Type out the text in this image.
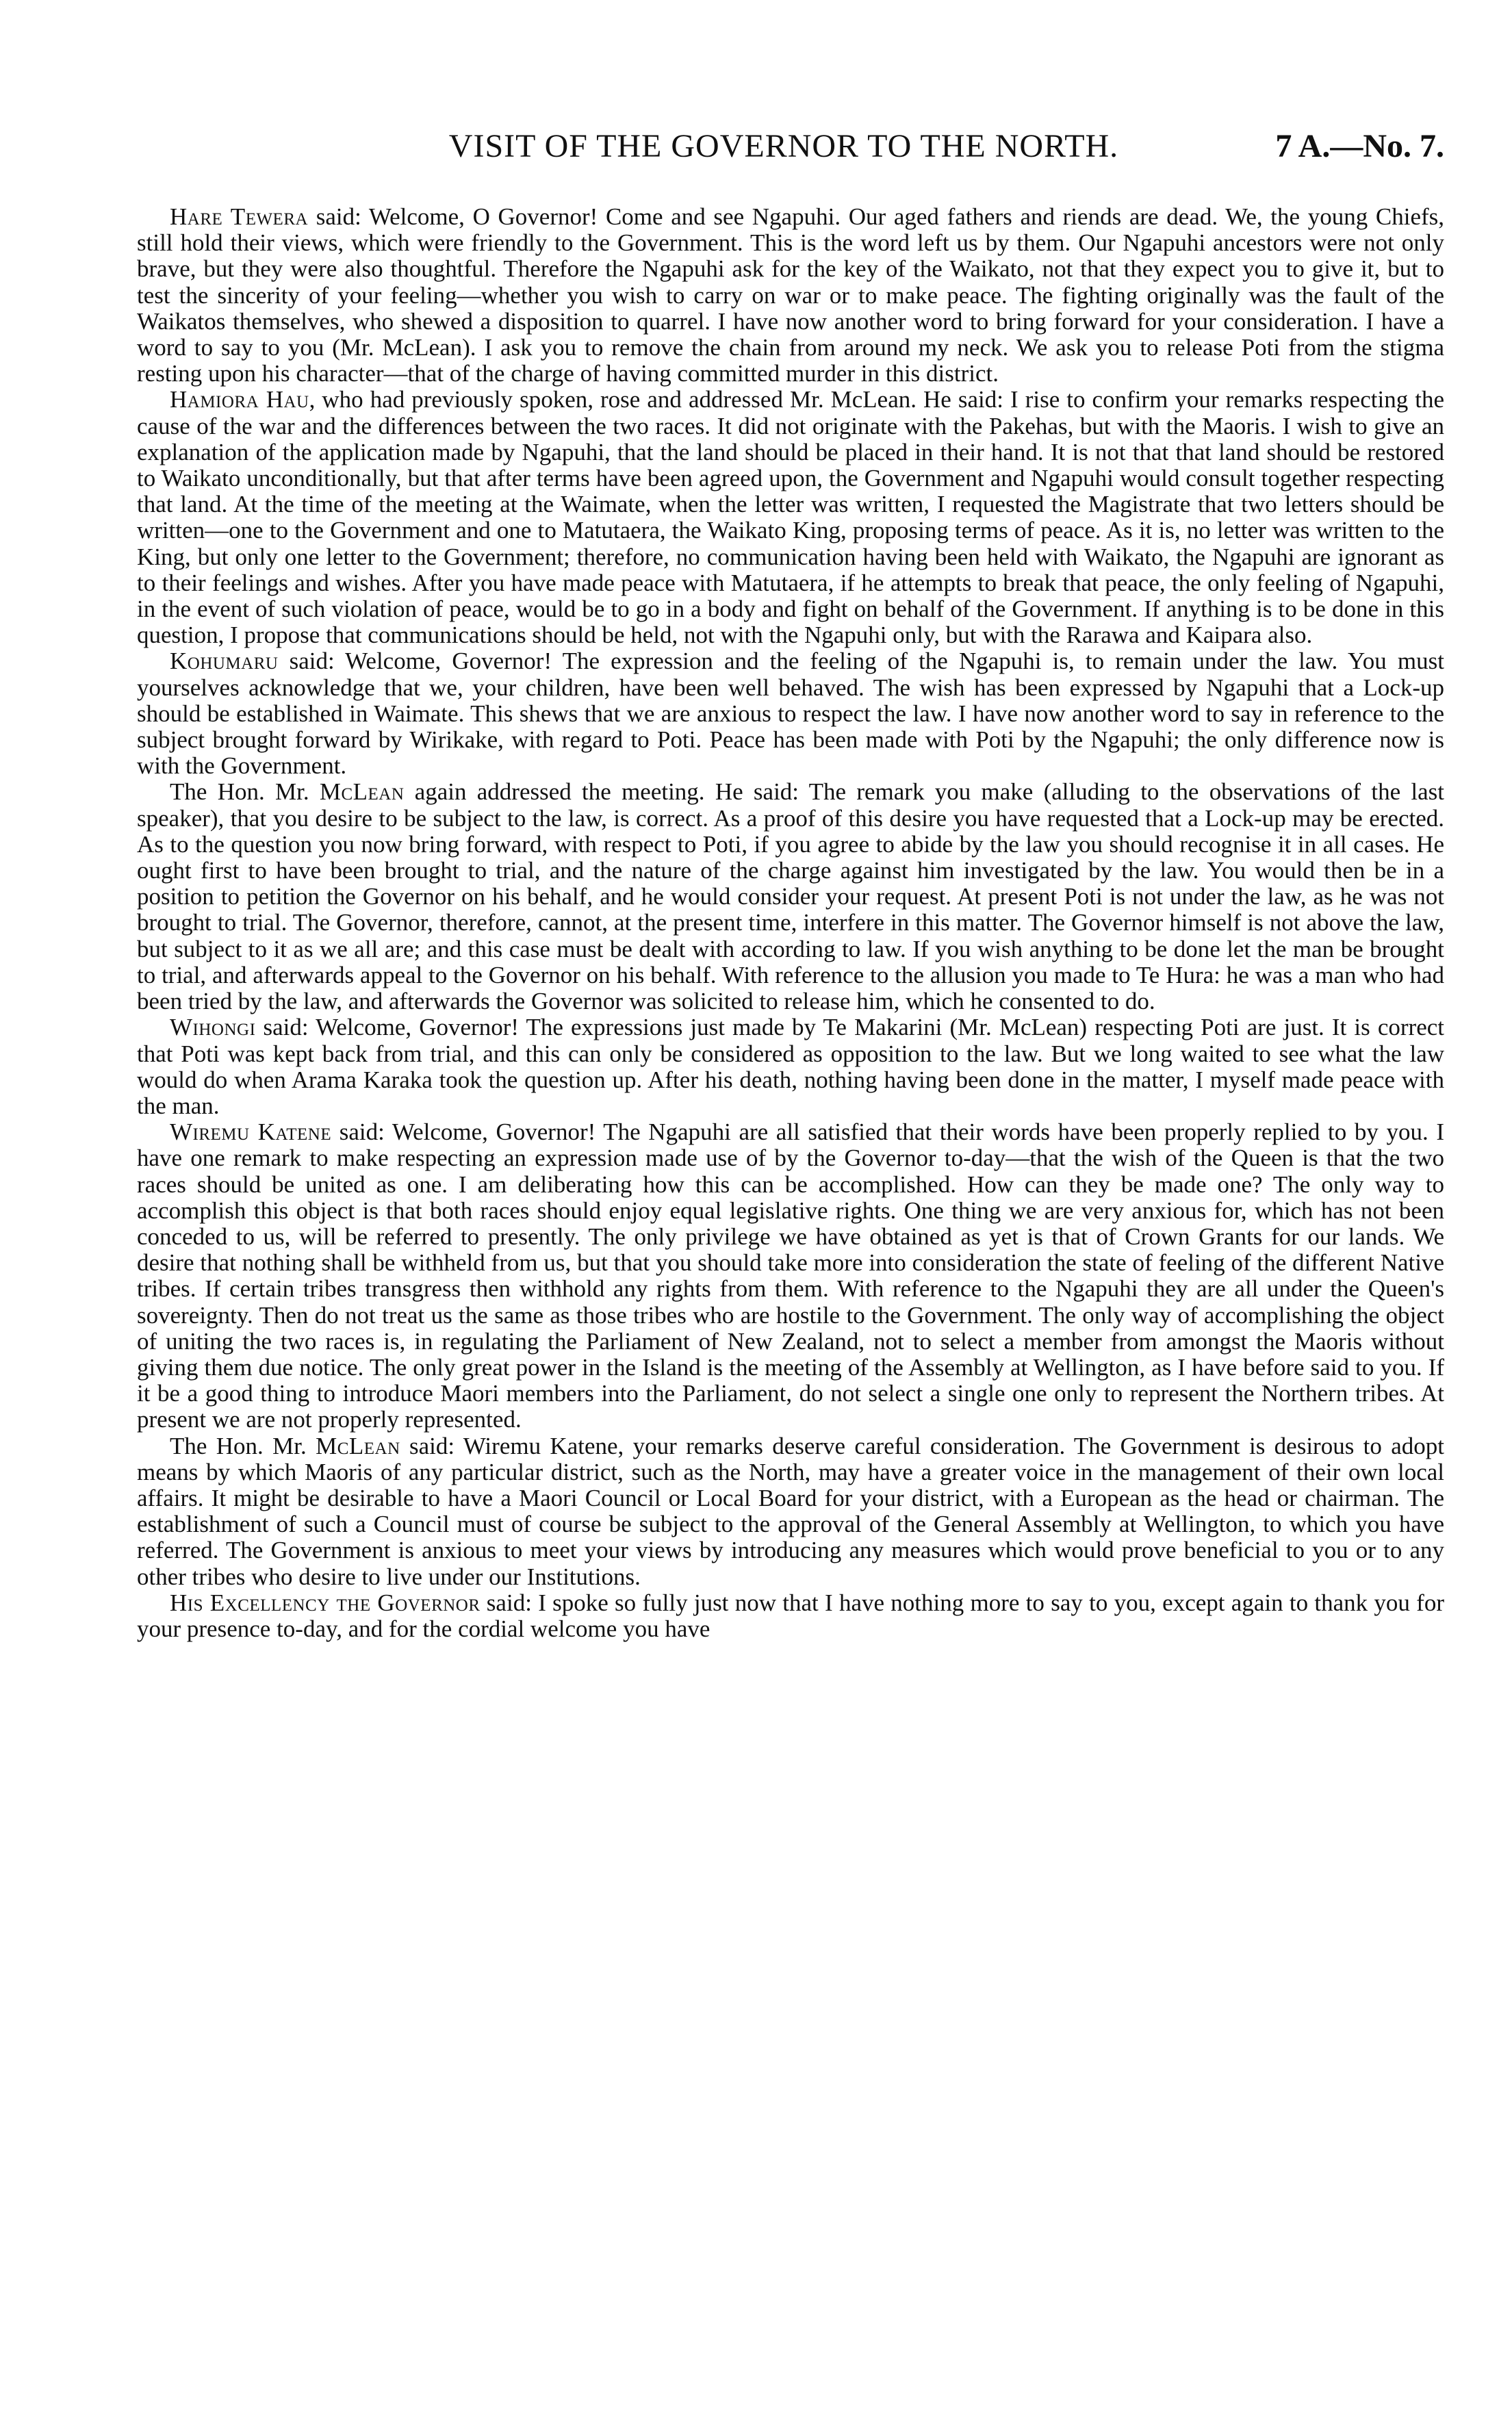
VISIT OF THE GOVERNOR TO THE NORTH.	7 A.—No. 7.

Hare Tewera said: Welcome, O Governor! Come and see Ngapuhi. Our aged fathers and riends are dead. We, the young Chiefs, still hold their views, which were friendly to the Government. This is the word left us by them. Our Ngapuhi ancestors were not only brave, but they were also thoughtful. Therefore the Ngapuhi ask for the key of the Waikato, not that they expect you to give it, but to test the sincerity of your feeling—whether you wish to carry on war or to make peace. The fighting originally was the fault of the Waikatos themselves, who shewed a disposition to quarrel. I have now another word to bring forward for your consideration. I have a word to say to you (Mr. McLean). I ask you to remove the chain from around my neck. We ask you to release Poti from the stigma resting upon his character—that of the charge of having committed murder in this district.

Hamiora Hau, who had previously spoken, rose and addressed Mr. McLean. He said: I rise to confirm your remarks respecting the cause of the war and the differences between the two races. It did not originate with the Pakehas, but with the Maoris. I wish to give an explanation of the application made by Ngapuhi, that the land should be placed in their hand. It is not that that land should be restored to Waikato unconditionally, but that after terms have been agreed upon, the Government and Ngapuhi would consult together respecting that land. At the time of the meeting at the Waimate, when the letter was written, I requested the Magistrate that two letters should be written—one to the Government and one to Matutaera, the Waikato King, proposing terms of peace. As it is, no letter was written to the King, but only one letter to the Government; therefore, no communication having been held with Waikato, the Ngapuhi are ignorant as to their feelings and wishes. After you have made peace with Matutaera, if he attempts to break that peace, the only feeling of Ngapuhi, in the event of such violation of peace, would be to go in a body and fight on behalf of the Government. If anything is to be done in this question, I propose that communications should be held, not with the Ngapuhi only, but with the Rarawa and Kaipara also.

Kohumaru said: Welcome, Governor! The expression and the feeling of the Ngapuhi is, to remain under the law. You must yourselves acknowledge that we, your children, have been well behaved. The wish has been expressed by Ngapuhi that a Lock-up should be established in Waimate. This shews that we are anxious to respect the law. I have now another word to say in reference to the subject brought forward by Wirikake, with regard to Poti. Peace has been made with Poti by the Ngapuhi; the only difference now is with the Government.

The Hon. Mr. McLean again addressed the meeting. He said: The remark you make (alluding to the observations of the last speaker), that you desire to be subject to the law, is correct. As a proof of this desire you have requested that a Lock-up may be erected. As to the question you now bring forward, with respect to Poti, if you agree to abide by the law you should recognise it in all cases. He ought first to have been brought to trial, and the nature of the charge against him investigated by the law. You would then be in a position to petition the Governor on his behalf, and he would consider your request. At present Poti is not under the law, as he was not brought to trial. The Governor, therefore, cannot, at the present time, interfere in this matter. The Governor himself is not above the law, but subject to it as we all are; and this case must be dealt with according to law. If you wish anything to be done let the man be brought to trial, and afterwards appeal to the Governor on his behalf. With reference to the allusion you made to Te Hura: he was a man who had been tried by the law, and afterwards the Governor was solicited to release him, which he consented to do.

Wihongi said: Welcome, Governor! The expressions just made by Te Makarini (Mr. McLean) respecting Poti are just. It is correct that Poti was kept back from trial, and this can only be considered as opposition to the law. But we long waited to see what the law would do when Arama Karaka took the question up. After his death, nothing having been done in the matter, I myself made peace with the man.

Wiremu Katene said: Welcome, Governor! The Ngapuhi are all satisfied that their words have been properly replied to by you. I have one remark to make respecting an expression made use of by the Governor to-day—that the wish of the Queen is that the two races should be united as one. I am deliberating how this can be accomplished. How can they be made one? The only way to accomplish this object is that both races should enjoy equal legislative rights. One thing we are very anxious for, which has not been conceded to us, will be referred to presently. The only privilege we have obtained as yet is that of Crown Grants for our lands. We desire that nothing shall be withheld from us, but that you should take more into consideration the state of feeling of the different Native tribes. If certain tribes transgress then withhold any rights from them. With reference to the Ngapuhi they are all under the Queen's sovereignty. Then do not treat us the same as those tribes who are hostile to the Government. The only way of accomplishing the object of uniting the two races is, in regulating the Parliament of New Zealand, not to select a member from amongst the Maoris without giving them due notice. The only great power in the Island is the meeting of the Assembly at Wellington, as I have before said to you. If it be a good thing to introduce Maori members into the Parliament, do not select a single one only to represent the Northern tribes. At present we are not properly represented.

The Hon. Mr. McLean said: Wiremu Katene, your remarks deserve careful consideration. The Government is desirous to adopt means by which Maoris of any particular district, such as the North, may have a greater voice in the management of their own local affairs. It might be desirable to have a Maori Council or Local Board for your district, with a European as the head or chairman. The establishment of such a Council must of course be subject to the approval of the General Assembly at Wellington, to which you have referred. The Government is anxious to meet your views by introducing any measures which would prove beneficial to you or to any other tribes who desire to live under our Institutions.

His Excellency the Governor said: I spoke so fully just now that I have nothing more to say to you, except again to thank you for your presence to-day, and for the cordial welcome you have
